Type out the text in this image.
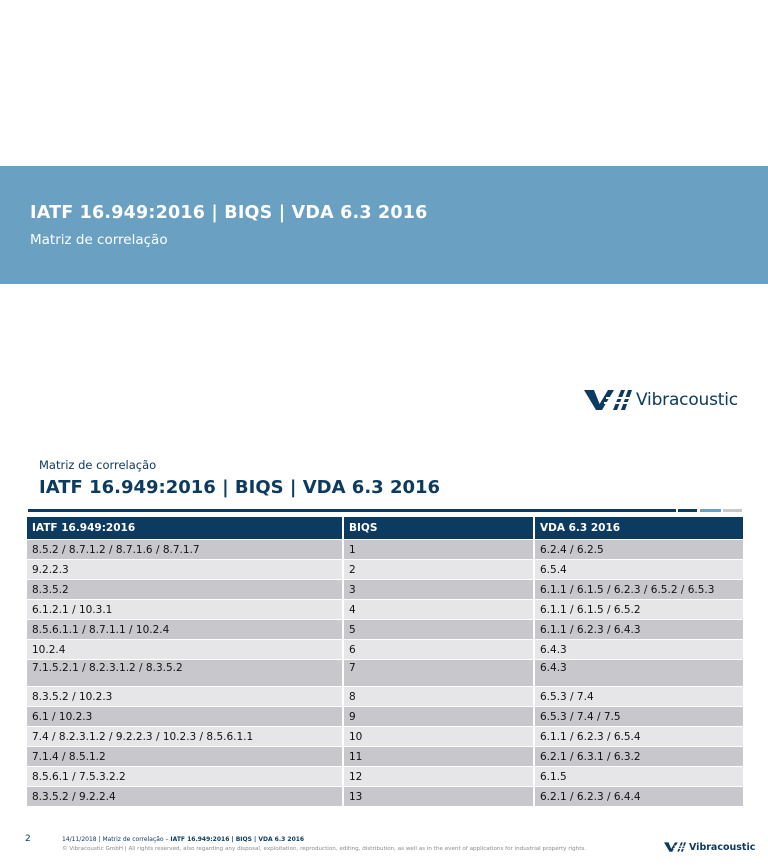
IATF 16.949:2016 | BIQS | VDA 6.3 2016
Matriz de correlação
Vibracoustic
Matriz de correlação
IATF 16.949:2016 | BIQS | VDA 6.3 2016
IATF 16.949:2016	BIQS	VDA 6.3 2016
8.5.2 / 8.7.1.2 / 8.7.1.6 / 8.7.1.7	1	6.2.4 / 6.2.5
9.2.2.3	2	6.5.4
8.3.5.2	3	6.1.1 / 6.1.5 / 6.2.3 / 6.5.2 / 6.5.3
6.1.2.1 / 10.3.1	4	6.1.1 / 6.1.5 / 6.5.2
8.5.6.1.1 / 8.7.1.1 / 10.2.4	5	6.1.1 / 6.2.3 / 6.4.3
10.2.4	6	6.4.3
7.1.5.2.1 / 8.2.3.1.2 / 8.3.5.2	7	6.4.3
8.3.5.2 / 10.2.3	8	6.5.3 / 7.4
6.1 / 10.2.3	9	6.5.3 / 7.4 / 7.5
7.4 / 8.2.3.1.2 / 9.2.2.3 / 10.2.3 / 8.5.6.1.1	10	6.1.1 / 6.2.3 / 6.5.4
7.1.4 / 8.5.1.2	11	6.2.1 / 6.3.1 / 6.3.2
8.5.6.1 / 7.5.3.2.2	12	6.1.5
8.3.5.2 / 9.2.2.4	13	6.2.1 / 6.2.3 / 6.4.4
2	14/11/2018 | Matriz de correlação – IATF 16.949:2016 | BIQS | VDA 6.3 2016
© Vibracoustic GmbH | All rights reserved, also regarding any disposal, exploitation, reproduction, editing, distribution, as well as in the event of applications for industrial property rights.	Vibracoustic
